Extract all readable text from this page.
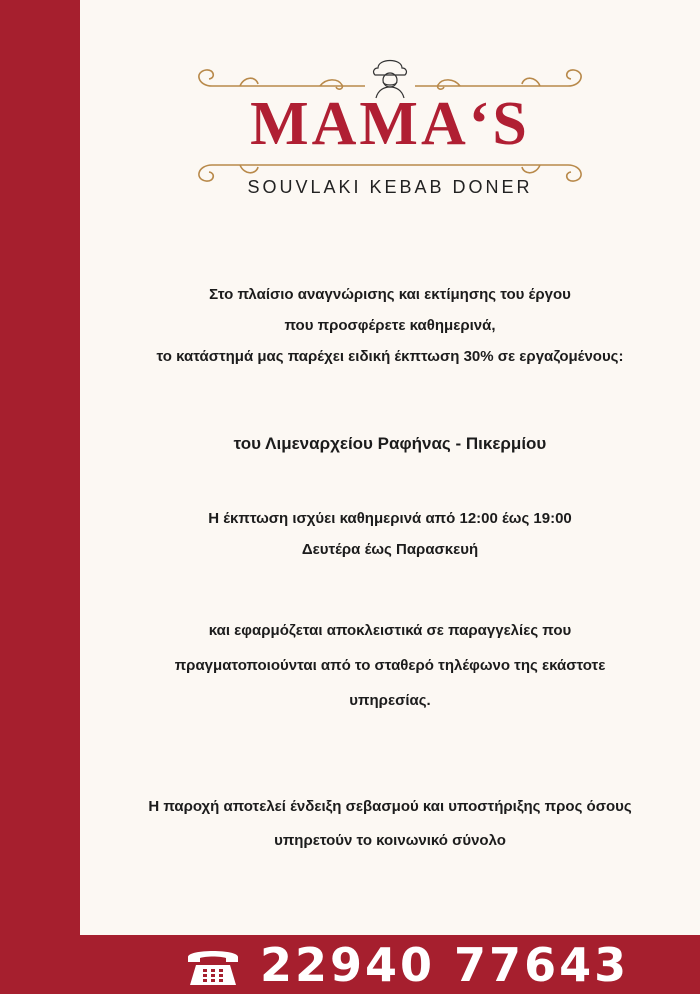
MAMA‘S
SOUVLAKI KEBAB DONER
Στο πλαίσιο αναγνώρισης και εκτίμησης του έργου
που προσφέρετε καθημερινά,
το κατάστημά μας παρέχει ειδική έκπτωση 30% σε εργαζομένους:
του Λιμεναρχείου Ραφήνας - Πικερμίου
Η έκπτωση ισχύει καθημερινά από 12:00 έως 19:00
Δευτέρα έως Παρασκευή
και εφαρμόζεται αποκλειστικά σε παραγγελίες που
πραγματοποιούνται από το σταθερό τηλέφωνο της εκάστοτε
υπηρεσίας.
Η παροχή αποτελεί ένδειξη σεβασμού και υποστήριξης προς όσους
υπηρετούν το κοινωνικό σύνολο
22940 77643
